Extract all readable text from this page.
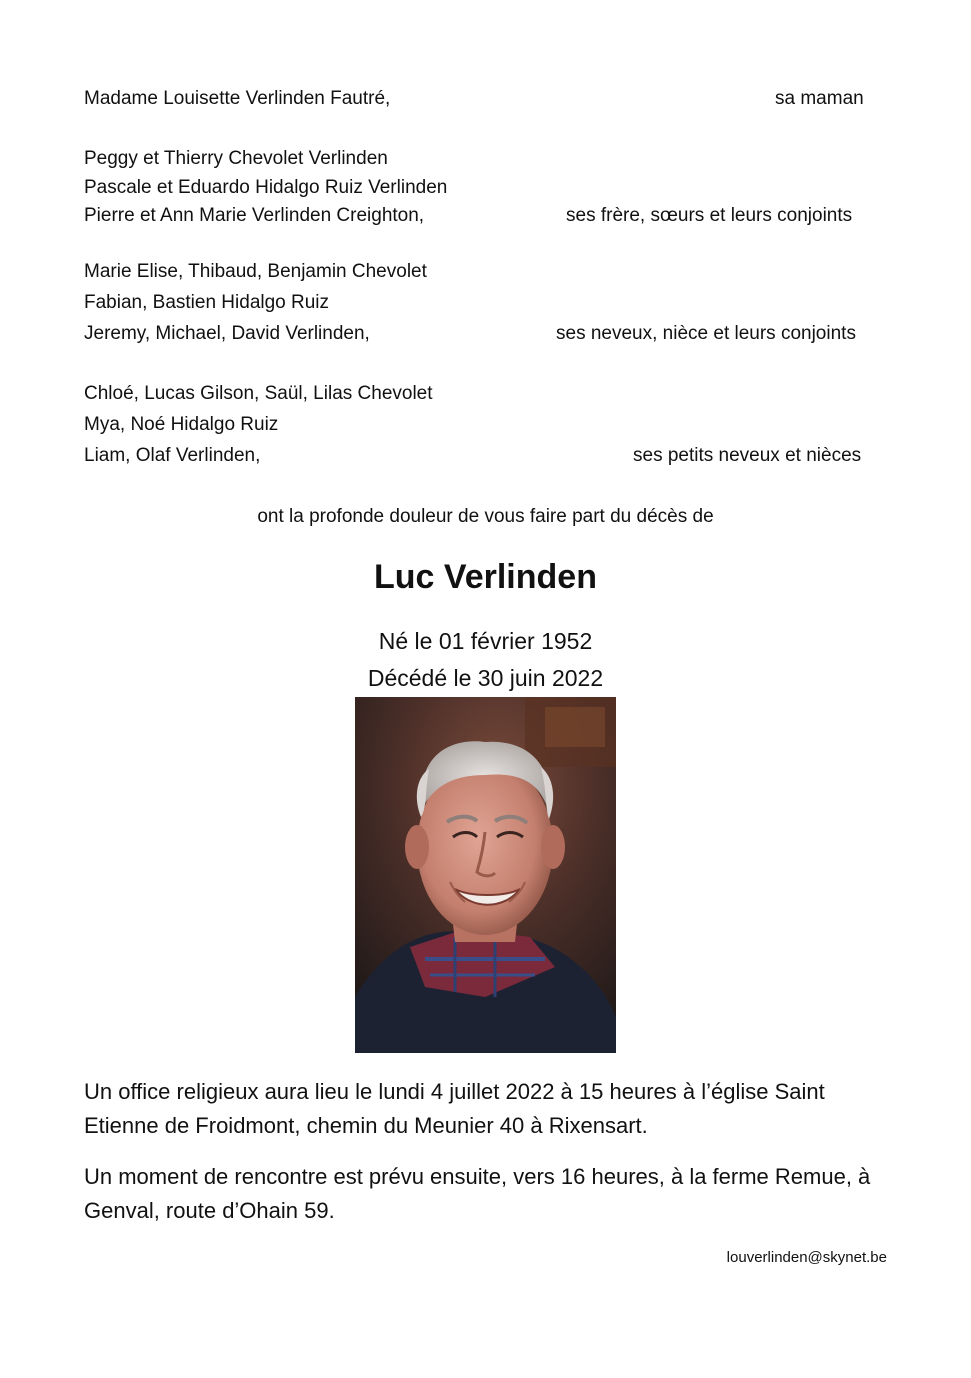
Madame Louisette Verlinden Fautré,	sa maman
Peggy et Thierry Chevolet Verlinden
Pascale et Eduardo Hidalgo Ruiz Verlinden
Pierre et Ann Marie Verlinden Creighton,	ses frère, sœurs et leurs conjoints
Marie Elise, Thibaud, Benjamin Chevolet
Fabian, Bastien Hidalgo Ruiz
Jeremy, Michael, David Verlinden,	ses neveux, nièce et leurs conjoints
Chloé, Lucas Gilson, Saül, Lilas Chevolet
Mya, Noé Hidalgo Ruiz
Liam, Olaf Verlinden,	ses petits neveux et nièces
ont la profonde douleur de vous faire part du décès de
Luc Verlinden
Né le 01 février 1952
Décédé le 30 juin 2022
Un office religieux aura lieu le lundi 4 juillet 2022 à 15 heures à l’église Saint Etienne de Froidmont, chemin du Meunier 40 à Rixensart.
Un moment de rencontre est prévu ensuite, vers 16 heures, à la ferme Remue, à Genval, route d’Ohain 59.
louverlinden@skynet.be
